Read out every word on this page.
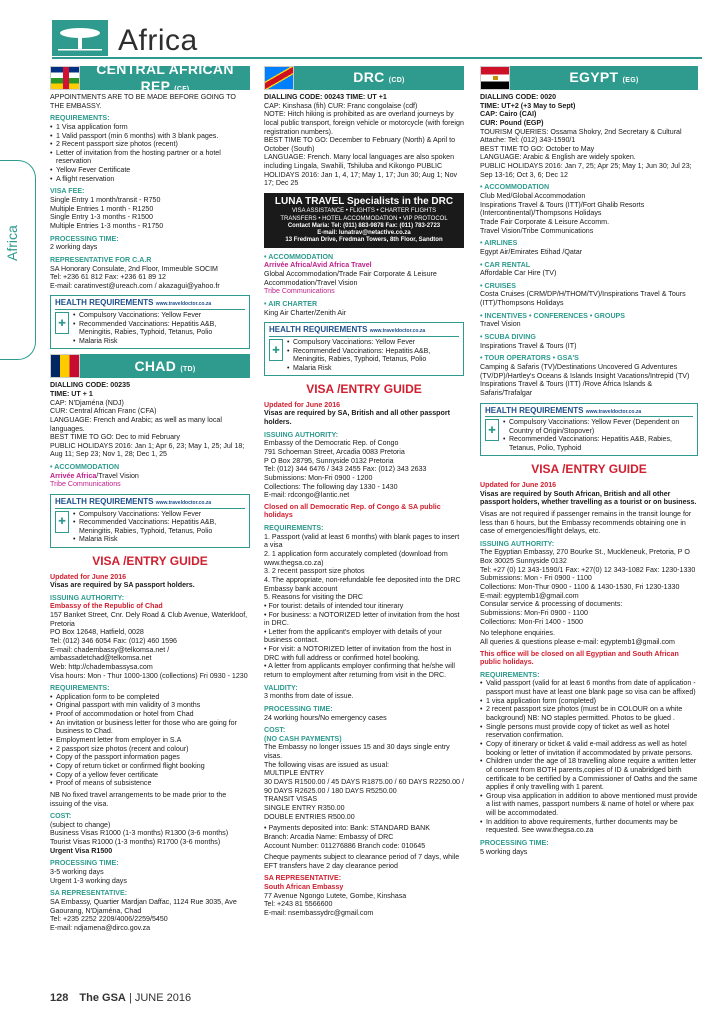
Africa
Africa
CENTRAL AFRICAN REP (CF)
APPOINTMENTS ARE TO BE MADE BEFORE GOING TO THE EMBASSY.
REQUIREMENTS:
• 1 Visa application form
• 1 Valid passport (min 6 months) with 3 blank pages.
• 2 Recent passport size photos (recent)
• Letter of invitation from the hosting partner or a hotel reservation
• Yellow Fever Certificate
• A flight reservation
VISA FEE:
Single Entry 1 month/transit - R750
Multiple Entries 1 month - R1250
Single Entry 1-3 months - R1500
Multiple Entries 1-3 months - R1750
PROCESSING TIME:
2 working days
REPRESENTATIVE FOR C.A.R
SA Honorary Consulate, 2nd Floor, Immeuble SOCIM
Tel: +236 61 812 Fax: +236 61 89 12
E-mail: caratinvest@ureach.com / akazagui@yahoo.fr
HEALTH REQUIREMENTS www.traveldoctor.co.za
✚
• Compulsory Vaccinations: Yellow Fever
• Recommended Vaccinations: Hepatitis A&B, Meningitis, Rabies, Typhoid, Tetanus, Polio
• Malaria Risk
CHAD (TD)
DIALLING CODE: 00235
TIME: UT + 1
CAP: N'Djaména (NDJ)
CUR: Central African Franc (CFA)
LANGUAGE: French and Arabic; as well as many local languages.
BEST TIME TO GO: Dec to mid February
PUBLIC HOLIDAYS 2016: Jan 1; Apr 6, 23; May 1, 25; Jul 18; Aug 11; Sep 23; Nov 1, 28; Dec 1, 25
• ACCOMMODATION
Arrivée Africa/Travel Vision
Tribe Communications
HEALTH REQUIREMENTS www.traveldoctor.co.za
✚
• Compulsory Vaccinations: Yellow Fever
• Recommended Vaccinations: Hepatitis A&B, Meningitis, Rabies, Typhoid, Tetanus, Polio
• Malaria Risk
VISA /ENTRY GUIDE
Updated for June 2016
Visas are required by SA passport holders.
ISSUING AUTHORITY:
Embassy of the Republic of Chad
157 Banket Street, Cnr. Dely Road & Club Avenue, Waterkloof, Pretoria
PO Box 12648, Hatfield, 0028
Tel: (012) 346 6054 Fax: (012) 460 1596
E-mail: chadembassy@telkomsa.net / ambassadetchad@telkomsa.net
Web: http://chadembassysa.com
Visa hours: Mon - Thur 1000-1300 (collections) Fri 0930 - 1230
REQUIREMENTS:
• Application form to be completed
• Original passport with min validity of 3 months
• Proof of accommodation or hotel from Chad
• An invitation or business letter for those who are going for business to Chad.
• Employment letter from employer in S.A
• 2 passport size photos (recent and colour)
• Copy of the passport information pages
• Copy of return ticket or confirmed flight booking
• Copy of a yellow fever certificate
• Proof of means of subsistence
NB No fixed travel arrangements to be made prior to the issuing of the visa.
COST:
(subject to change)
Business Visas R1000 (1-3 months) R1300 (3-6 months)
Tourist Visas R1000 (1-3 months) R1700 (3-6 months)
Urgent Visa R1500
PROCESSING TIME:
3-5 working days
Urgent 1-3 working days
SA REPRESENTATIVE:
SA Embassy, Quartier Mardjan Daffac, 1124 Rue 3035, Ave Gaourang, N'Djaména, Chad
Tel: +235 2252 2209/4006/2259/5450
E-mail: ndjamena@dirco.gov.za
DRC (CD)
DIALLING CODE: 00243 TIME: UT +1
CAP: Kinshasa (fih) CUR: Franc congolaise (cdf)
NOTE: Hitch hiking is prohibited as are overland journeys by local public transport, foreign vehicle or motorcycle (with foreign registration numbers).
BEST TIME TO GO: December to February (North) & April to October (South)
LANGUAGE: French. Many local languages are also spoken including Lingala, Swahili, Tshiluba and Kikongo PUBLIC HOLIDAYS 2016: Jan 1, 4, 17; May 1, 17; Jun 30; Aug 1; Nov 17; Dec 25
LUNA TRAVEL Specialists in the DRC
VISA ASSISTANCE • FLIGHTS • CHARTER FLIGHTS
TRANSFERS • HOTEL ACCOMMODATION • VIP PROTOCOL
Contact Maria: Tel: (011) 883-9878 Fax: (011) 783-2723
E-mail: lunatrav@netactive.co.za
13 Fredman Drive, Fredman Towers, 8th Floor, Sandton
• ACCOMMODATION
Arrivée Africa/Avid Africa Travel
Global Accommodation/Trade Fair Corporate & Leisure Accommodation/Travel Vision
Tribe Communications
• AIR CHARTER
King Air Charter/Zenith Air
HEALTH REQUIREMENTS www.traveldoctor.co.za
✚
• Compulsory Vaccinations: Yellow Fever
• Recommended Vaccinations: Hepatitis A&B, Meningitis, Rabies, Typhoid, Tetanus, Polio
• Malaria Risk
VISA /ENTRY GUIDE
Updated for June 2016
Visas are required by SA, British and all other passport holders.
ISSUING AUTHORITY:
Embassy of the Democratic Rep. of Congo
791 Schoeman Street, Arcadia 0083 Pretoria
P O Box 28795, Sunnyside 0132 Pretoria
Tel: (012) 344 6476 / 343 2455 Fax: (012) 343 2633
Submissions: Mon-Fri 0900 - 1200
Collections: The following day 1330 - 1430
E-mail: rdcongo@lantic.net
Closed on all Democratic Rep. of Congo & SA public holidays
REQUIREMENTS:
1. Passport (valid at least 6 months) with blank pages to insert a visa
2. 1 application form accurately completed (download from www.thegsa.co.za)
3. 2 recent passport size photos
4. The appropriate, non-refundable fee deposited into the DRC Embassy bank account
5. Reasons for visiting the DRC
• For tourist: details of intended tour itinerary
• For business: a NOTORIZED letter of invitation from the host in DRC.
• Letter from the applicant's employer with details of your business contact.
• For visit: a NOTORIZED letter of invitation from the host in DRC with full address or confirmed hotel booking.
• A letter from applicants employer confirming that he/she will return to employment after returning from visit in the DRC.
VALIDITY:
3 months from date of issue.
PROCESSING TIME:
24 working hours/No emergency cases
COST:
(NO CASH PAYMENTS)
The Embassy no longer issues 15 and 30 days single entry visas.
The following visas are issued as usual:
MULTIPLE ENTRY
30 DAYS R1500.00 / 45 DAYS R1875.00 / 60 DAYS R2250.00 / 90 DAYS R2625.00 / 180 DAYS R5250.00
TRANSIT VISAS
SINGLE ENTRY R350.00
DOUBLE ENTRIES R500.00
• Payments deposited into: Bank: STANDARD BANK
Branch: Arcadia Name: Embassy of DRC
Account Number: 011276886 Branch code: 010645
Cheque payments subject to clearance period of 7 days, while EFT transfers have 2 day clearance period
SA REPRESENTATIVE:
South African Embassy
77 Avenue Ngongo Lutete, Gombe, Kinshasa
Tel: +243 81 5566600
E-mail: nsembassydrc@gmail.com
EGYPT (EG)
DIALLING CODE: 0020
TIME: UT+2 (+3 May to Sept)
CAP: Cairo (CAI)
CUR: Pound (EGP)
TOURISM QUERIES: Ossama Shokry, 2nd Secretary & Cultural Attache: Tel: (012) 343-1590/1
BEST TIME TO GO: October to May
LANGUAGE: Arabic & English are widely spoken.
PUBLIC HOLIDAYS 2016: Jan 7, 25; Apr 25; May 1; Jun 30; Jul 23; Sep 13-16; Oct 3, 6; Dec 12
• ACCOMMODATION
Club Med/Global Accommodation
Inspirations Travel & Tours (ITT)/Fort Ghalib Resorts (Intercontinental)/Thompsons Holidays
Trade Fair Corporate & Leisure Accomm.
Travel Vision/Tribe Communications
• AIRLINES
Egypt Air/Emirates Etihad /Qatar
• CAR RENTAL
Affordable Car Hire (TV)
• CRUISES
Costa Cruises (CRM/DP/H/THOM/TV)/Inspirations Travel & Tours (ITT)/Thompsons Holidays
• INCENTIVES • CONFERENCES • GROUPS
Travel Vision
• SCUBA DIVING
Inspirations Travel & Tours (IT)
• TOUR OPERATORS • GSA'S
Camping & Safaris (TV)/Destinations Uncovered G Adventures (TV/DP)/Hartley's Oceans & Islands Insight Vacations/Intrepid (TV) Inspirations Travel & Tours (ITT) /Rove Africa Islands & Safaris/Trafalgar
HEALTH REQUIREMENTS www.traveldoctor.co.za
✚
• Compulsory Vaccinations: Yellow Fever (Dependent on Country of Origin/Stopover)
• Recommended Vaccinations: Hepatitis A&B, Rabies, Tetanus, Polio, Typhoid
VISA /ENTRY GUIDE
Updated for June 2016
Visas are required by South African, British and all other passport holders, whether travelling as a tourist or on business.
Visas are not required if passenger remains in the transit lounge for less than 6 hours, but the Embassy recommends obtaining one in case of emergencies/flight delays, etc.
ISSUING AUTHORITY:
The Egyptian Embassy, 270 Bourke St., Muckleneuk, Pretoria, P O Box 30025 Sunnyside 0132
Tel: +27 (0) 12 343-1590/1 Fax: +27(0) 12 343-1082 Fax: 1230-1330
Submissions: Mon - Fri 0900 - 1100
Collections: Mon-Thur 0900 - 1100 & 1430-1530, Fri 1230-1330
E-mail: egyptemb1@gmail.com
Consular service & processing of documents:
Submissions: Mon-Fri 0900 - 1100
Collections: Mon-Fri 1400 - 1500
No telephone enquiries.
All queries & questions please e-mail: egyptemb1@gmail.com
This office will be closed on all Egyptian and South African public holidays.
REQUIREMENTS:
• Valid passport (valid for at least 6 months from date of application - passport must have at least one blank page so visa can be affixed)
• 1 visa application form (completed)
• 2 recent passport size photos (must be in COLOUR on a white background) NB: NO staples permitted. Photos to be glued .
• Single persons must provide copy of ticket as well as hotel reservation confirmation.
• Copy of itinerary or ticket & valid e-mail address as well as hotel booking or letter of invitation if accommodated by private persons.
• Children under the age of 18 travelling alone require a written letter of consent from BOTH parents,copies of ID & unabridged birth certificate to be certified by a Commissioner of Oaths and the same applies if only travelling with 1 parent.
• Group visa application in addition to above mentioned must provide a list with names, passport numbers & name of hotel or where pax will be accommodated.
• In addition to above requirements, further documents may be requested. See www.thegsa.co.za
PROCESSING TIME:
5 working days
128 The GSA | JUNE 2016
